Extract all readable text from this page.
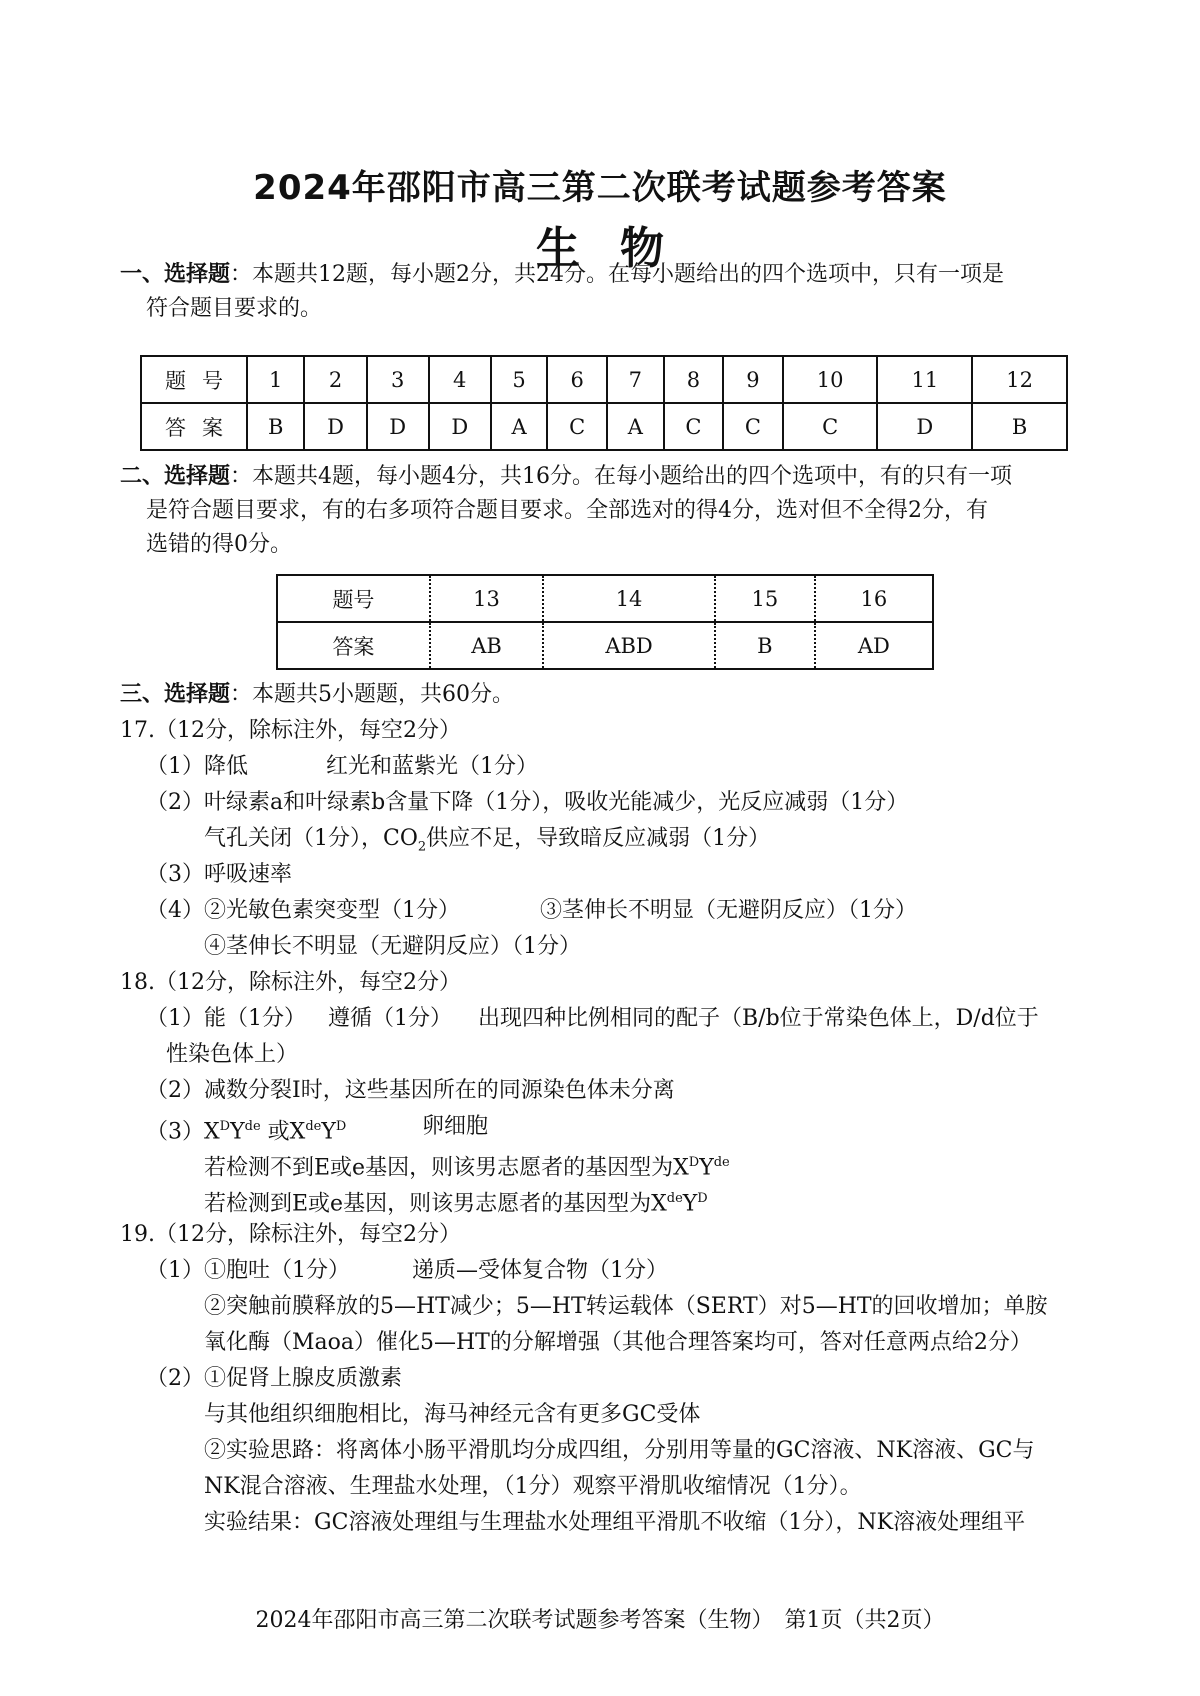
2024年邵阳市高三第二次联考试题参考答案
生物
一、选择题：本题共12题，每小题2分，共24分。在每小题给出的四个选项中，只有一项是
符合题目要求的。
题号	1	2	3	4	5	6	7	8	9	10	11	12
答案	B	D	D	D	A	C	A	C	C	C	D	B
二、选择题：本题共4题，每小题4分，共16分。在每小题给出的四个选项中，有的只有一项
是符合题目要求，有的右多项符合题目要求。全部选对的得4分，选对但不全得2分，有
选错的得0分。
题号	13	14	15	16
答案	AB	ABD	B	AD
三、选择题：本题共5小题题，共60分。
17.（12分，除标注外，每空2分）
（1）降低	红光和蓝紫光（1分）
（2）叶绿素a和叶绿素b含量下降（1分），吸收光能减少，光反应减弱（1分）
气孔关闭（1分），$CO_2$供应不足，导致暗反应减弱（1分）
（3）呼吸速率
（4）②光敏色素突变型（1分）	③茎伸长不明显（无避阴反应）（1分）
④茎伸长不明显（无避阴反应）（1分）
18.（12分，除标注外，每空2分）
（1）能（1分） 遵循（1分） 出现四种比例相同的配子（B/b位于常染色体上，D/d位于
性染色体上）
（2）减数分裂Ⅰ时，这些基因所在的同源染色体未分离
$(3)X^DY^{de}$ 或$XdeY^D$	卵细胞
若检测不到E或e基因，则该男志愿者的基因型为$X^DY^{de}$
若检测到E或e基因，则该男志愿者的基因型为$XdeY^D$
19.（12分，除标注外，每空2分）
（1）①胞吐（1分）	递质—受体复合物（1分）
②突触前膜释放的5—HT减少；5—HT转运载体（SERT）对5—HT的回收增加；单胺
氧化酶（Maoa）催化5—HT的分解增强（其他合理答案均可，答对任意两点给2分）
（2）①促肾上腺皮质激素
与其他组织细胞相比，海马神经元含有更多GC受体
②实验思路：将离体小肠平滑肌均分成四组，分别用等量的GC溶液、NK溶液、GC与
NK混合溶液、生理盐水处理，（1分）观察平滑肌收缩情况（1分）。
实验结果：GC溶液处理组与生理盐水处理组平滑肌不收缩（1分），NK溶液处理组平
2024年邵阳市高三第二次联考试题参考答案（生物）　第1页（共2页）
